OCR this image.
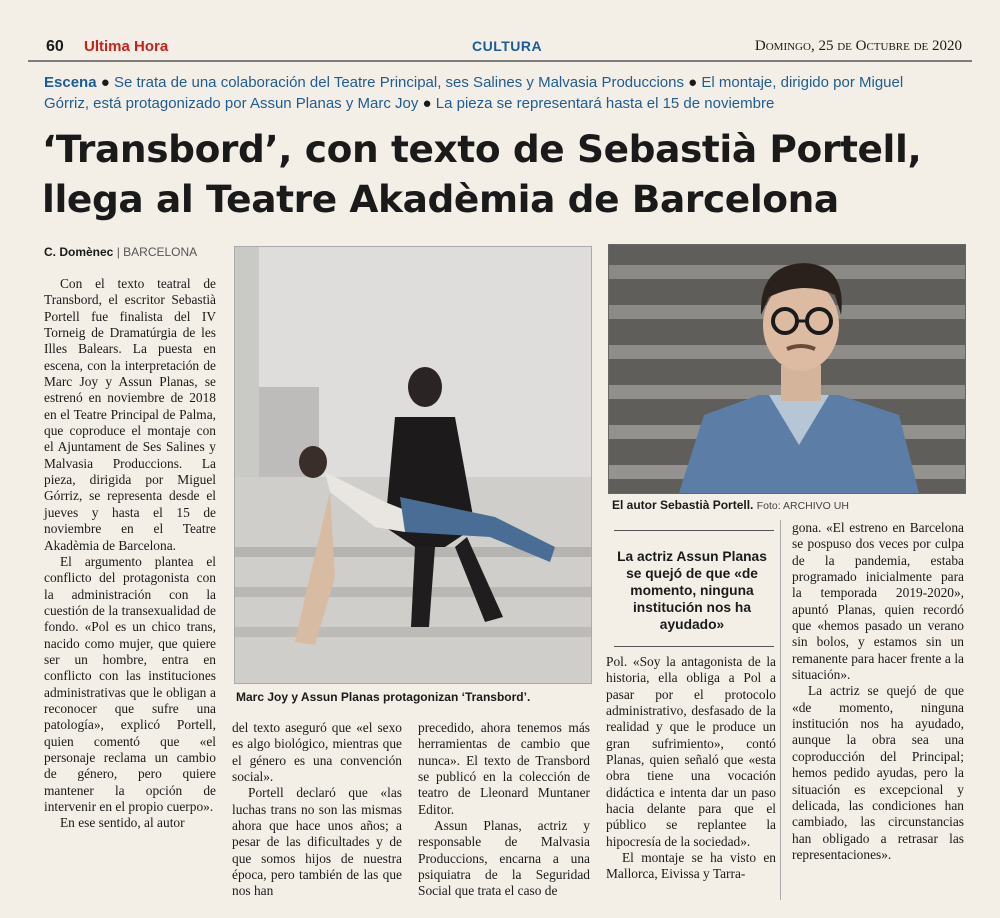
60 Ultima Hora	CULTURA	Domingo, 25 de Octubre de 2020
Escena ● Se trata de una colaboración del Teatre Principal, ses Salines y Malvasia Produccions ● El montaje, dirigido por Miguel Górriz, está protagonizado por Assun Planas y Marc Joy ● La pieza se representará hasta el 15 de noviembre
‘Transbord’, con texto de Sebastià Portell,
llega al Teatre Akadèmia de Barcelona
C. Domènec | BARCELONA

Con el texto teatral de Transbord, el escritor Sebastià Portell fue finalista del IV Torneig de Dramatúrgia de les Illes Balears. La puesta en escena, con la interpretación de Marc Joy y Assun Planas, se estrenó en noviembre de 2018 en el Teatre Principal de Palma, que coproduce el montaje con el Ajuntament de Ses Salines y Malvasia Produccions. La pieza, dirigida por Miguel Górriz, se representa desde el jueves y hasta el 15 de noviembre en el Teatre Akadèmia de Barcelona.

El argumento plantea el conflicto del protagonista con la administración con la cuestión de la transexualidad de fondo. «Pol es un chico trans, nacido como mujer, que quiere ser un hombre, entra en conflicto con las instituciones administrativas que le obligan a reconocer que sufre una patología», explicó Portell, quien comentó que «el personaje reclama un cambio de género, pero quiere mantener la opción de intervenir en el propio cuerpo».

En ese sentido, al autor

Marc Joy y Assun Planas protagonizan ‘Transbord’.
El autor Sebastià Portell. Foto: ARCHIVO UH
La actriz Assun Planas se quejó de que «de momento, ninguna institución nos ha ayudado»

del texto aseguró que «el sexo es algo biológico, mientras que el género es una convención social».

Portell declaró que «las luchas trans no son las mismas ahora que hace unos años; a pesar de las dificultades y de que somos hijos de nuestra época, pero también de las que nos han

precedido, ahora tenemos más herramientas de cambio que nunca». El texto de Transbord se publicó en la colección de teatro de Lleonard Muntaner Editor.

Assun Planas, actriz y responsable de Malvasia Produccions, encarna a una psiquiatra de la Seguridad Social que trata el caso de

Pol. «Soy la antagonista de la historia, ella obliga a Pol a pasar por el protocolo administrativo, desfasado de la realidad y que le produce un gran sufrimiento», contó Planas, quien señaló que «esta obra tiene una vocación didáctica e intenta dar un paso hacia delante para que el público se replantee la hipocresía de la sociedad».

El montaje se ha visto en Mallorca, Eivissa y Tarra-

gona. «El estreno en Barcelona se pospuso dos veces por culpa de la pandemia, estaba programado inicialmente para la temporada 2019-2020», apuntó Planas, quien recordó que «hemos pasado un verano sin bolos, y estamos sin un remanente para hacer frente a la situación».

La actriz se quejó de que «de momento, ninguna institución nos ha ayudado, aunque la obra sea una coproducción del Principal; hemos pedido ayudas, pero la situación es excepcional y delicada, las condiciones han cambiado, las circunstancias han obligado a retrasar las representaciones».
